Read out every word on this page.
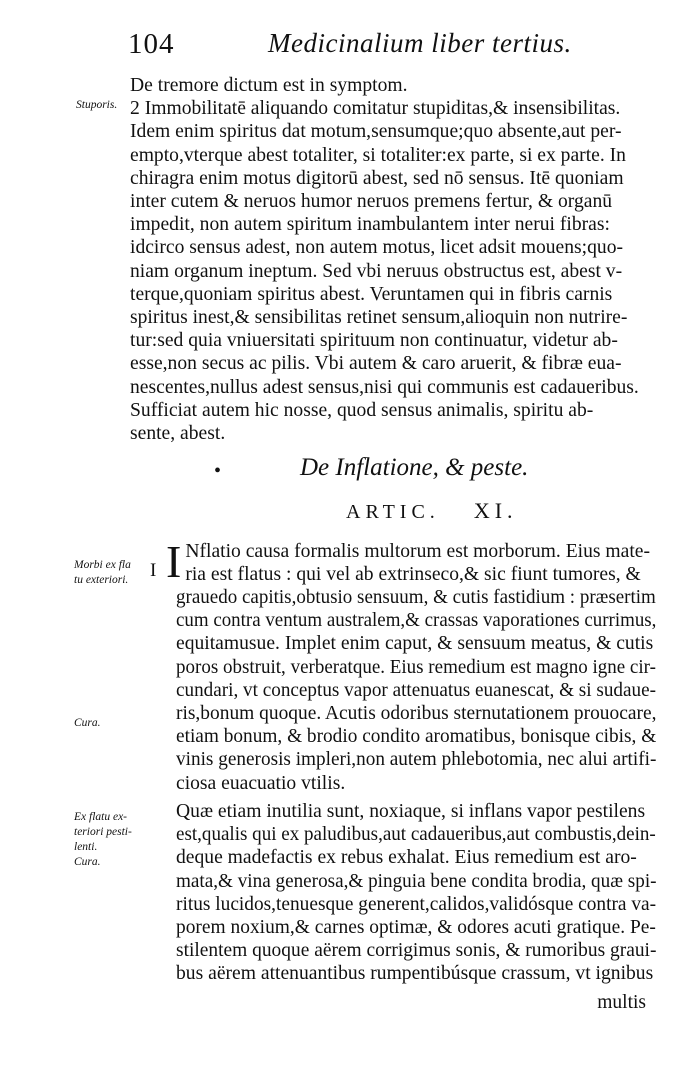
104	Medicinalium liber tertius.
Stuporis.
Morbi ex fla
tu exteriori. I
Cura.
Ex flatu ex-
teriori pesti-
lenti.
Cura.
De tremore dictum est in symptom.
2 Immobilitatē aliquando comitatur stupiditas,& insensibilitas.
Idem enim spiritus dat motum,sensumque;quo absente,aut per-
empto,vterque abest totaliter, si totaliter:ex parte, si ex parte. In
chiragra enim motus digitorū abest, sed nō sensus. Itē quoniam
inter cutem & neruos humor neruos premens fertur, & organū
impedit, non autem spiritum inambulantem inter nerui fibras:
idcirco sensus adest, non autem motus, licet adsit mouens;quo-
niam organum ineptum. Sed vbi neruus obstructus est, abest v-
terque,quoniam spiritus abest. Veruntamen qui in fibris carnis
spiritus inest,& sensibilitas retinet sensum,alioquin non nutrire-
tur:sed quia vniuersitati spirituum non continuatur, videtur ab-
esse,non secus ac pilis. Vbi autem & caro aruerit, & fibræ eua-
nescentes,nullus adest sensus,nisi qui communis est cadaueribus.
Sufficiat autem hic nosse, quod sensus animalis, spiritu ab-
sente, abest.
•	De Inflatione, & peste.
ARTIC. XI.
I Nflatio causa formalis multorum est morborum. Eius mate-
ria est flatus : qui vel ab extrinseco,& sic fiunt tumores, &
grauedo capitis,obtusio sensuum, & cutis fastidium : præsertim
cum contra ventum australem,& crassas vaporationes currimus,
equitamusue. Implet enim caput, & sensuum meatus, & cutis
poros obstruit, verberatque. Eius remedium est magno igne cir-
cundari, vt conceptus vapor attenuatus euanescat, & si sudaue-
ris,bonum quoque. Acutis odoribus sternutationem prouocare,
etiam bonum, & brodio condito aromatibus, bonisque cibis, &
vinis generosis impleri,non autem phlebotomia, nec alui artifi-
ciosa euacuatio vtilis.
Quæ etiam inutilia sunt, noxiaque, si inflans vapor pestilens
est,qualis qui ex paludibus,aut cadaueribus,aut combustis,dein-
deque madefactis ex rebus exhalat. Eius remedium est aro-
mata,& vina generosa,& pinguia bene condita brodia, quæ spi-
ritus lucidos,tenuesque generent,calidos,validósque contra va-
porem noxium,& carnes optimæ, & odores acuti gratique. Pe-
stilentem quoque aërem corrigimus sonis, & rumoribus graui-
bus aërem attenuantibus rumpentibúsque crassum, vt ignibus
multis
